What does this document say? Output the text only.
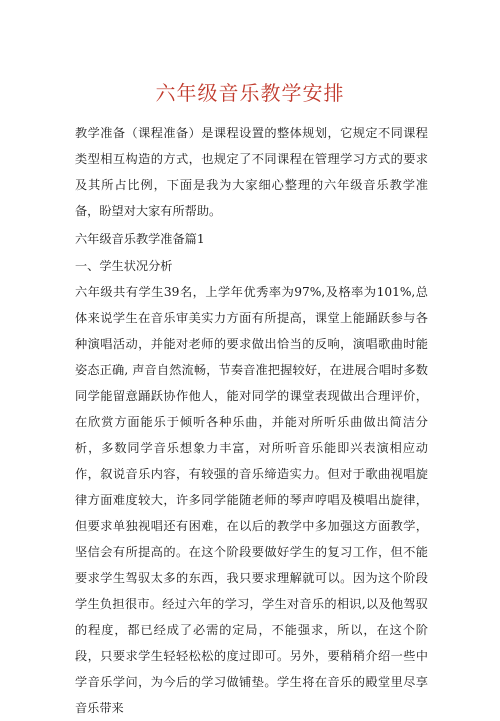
六年级音乐教学安排

教学准备（课程准备）是课程设置的整体规划，它规定不同课程类型相互构造的方式，也规定了不同课程在管理学习方式的要求及其所占比例，下面是我为大家细心整理的六年级音乐教学准备，盼望对大家有所帮助。

六年级音乐教学准备篇1
一、学生状况分析

六年级共有学生39名，上学年优秀率为97%,及格率为101%,总体来说学生在音乐审美实力方面有所提高，课堂上能踊跃参与各种演唱活动，并能对老师的要求做出恰当的反响，演唱歌曲时能姿态正确, 声音自然流畅，节奏音准把握较好，在进展合唱时多数同学能留意踊跃协作他人，能对同学的课堂表现做出合理评价，在欣赏方面能乐于倾听各种乐曲，并能对所听乐曲做出简洁分析，多数同学音乐想象力丰富，对所听音乐能即兴表演相应动作，叙说音乐内容，有较强的音乐缔造实力。但对于歌曲视唱旋律方面难度较大，许多同学能随老师的琴声哼唱及模唱出旋律，但要求单独视唱还有困难，在以后的教学中多加强这方面教学，坚信会有所提高的。在这个阶段要做好学生的复习工作，但不能要求学生驾驭太多的东西，我只要求理解就可以。因为这个阶段学生负担很市。经过六年的学习，学生对音乐的相识,以及他驾驭的程度，都已经成了必需的定局，不能强求，所以，在这个阶段，只要求学生轻轻松松的度过即可。另外，要稍稍介绍一些中学音乐学问，为今后的学习做铺垫。学生将在音乐的殿堂里尽享音乐带来
